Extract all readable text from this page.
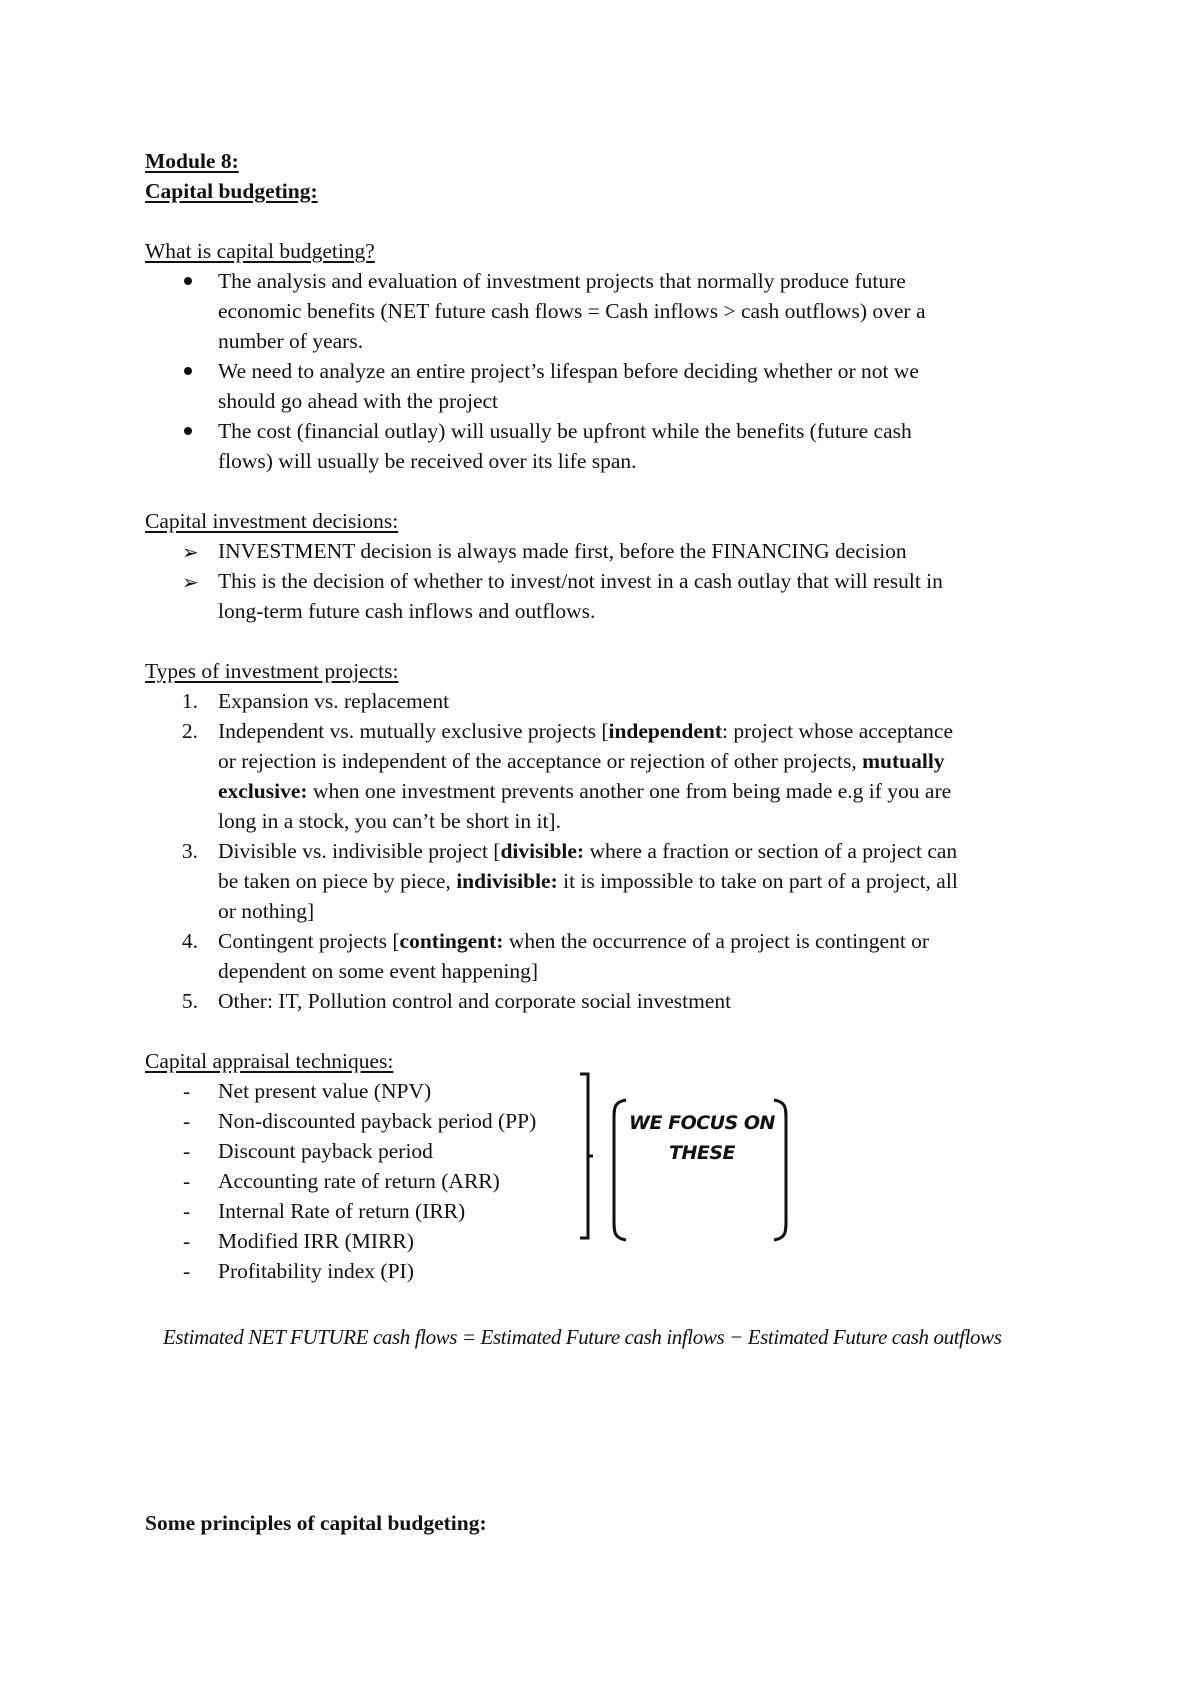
Module 8:
Capital budgeting:
What is capital budgeting?
The analysis and evaluation of investment projects that normally produce future
economic benefits (NET future cash flows = Cash inflows > cash outflows) over a
number of years.
We need to analyze an entire project’s lifespan before deciding whether or not we
should go ahead with the project
The cost (financial outlay) will usually be upfront while the benefits (future cash
flows) will usually be received over its life span.
Capital investment decisions:
➢ INVESTMENT decision is always made first, before the FINANCING decision
➢ This is the decision of whether to invest/not invest in a cash outlay that will result in
long-term future cash inflows and outflows.
Types of investment projects:
1. Expansion vs. replacement
2. Independent vs. mutually exclusive projects [independent: project whose acceptance
or rejection is independent of the acceptance or rejection of other projects, mutually
exclusive: when one investment prevents another one from being made e.g if you are
long in a stock, you can’t be short in it].
3. Divisible vs. indivisible project [divisible: where a fraction or section of a project can
be taken on piece by piece, indivisible: it is impossible to take on part of a project, all
or nothing]
4. Contingent projects [contingent: when the occurrence of a project is contingent or
dependent on some event happening]
5. Other: IT, Pollution control and corporate social investment
Capital appraisal techniques:
- Net present value (NPV)
- Non-discounted payback period (PP)
- Discount payback period
- Accounting rate of return (ARR)
- Internal Rate of return (IRR)
- Modified IRR (MIRR)
- Profitability index (PI)
WE FOCUS ON
THESE
Estimated NET FUTURE cash flows = Estimated Future cash inflows − Estimated Future cash outflows
Some principles of capital budgeting:
